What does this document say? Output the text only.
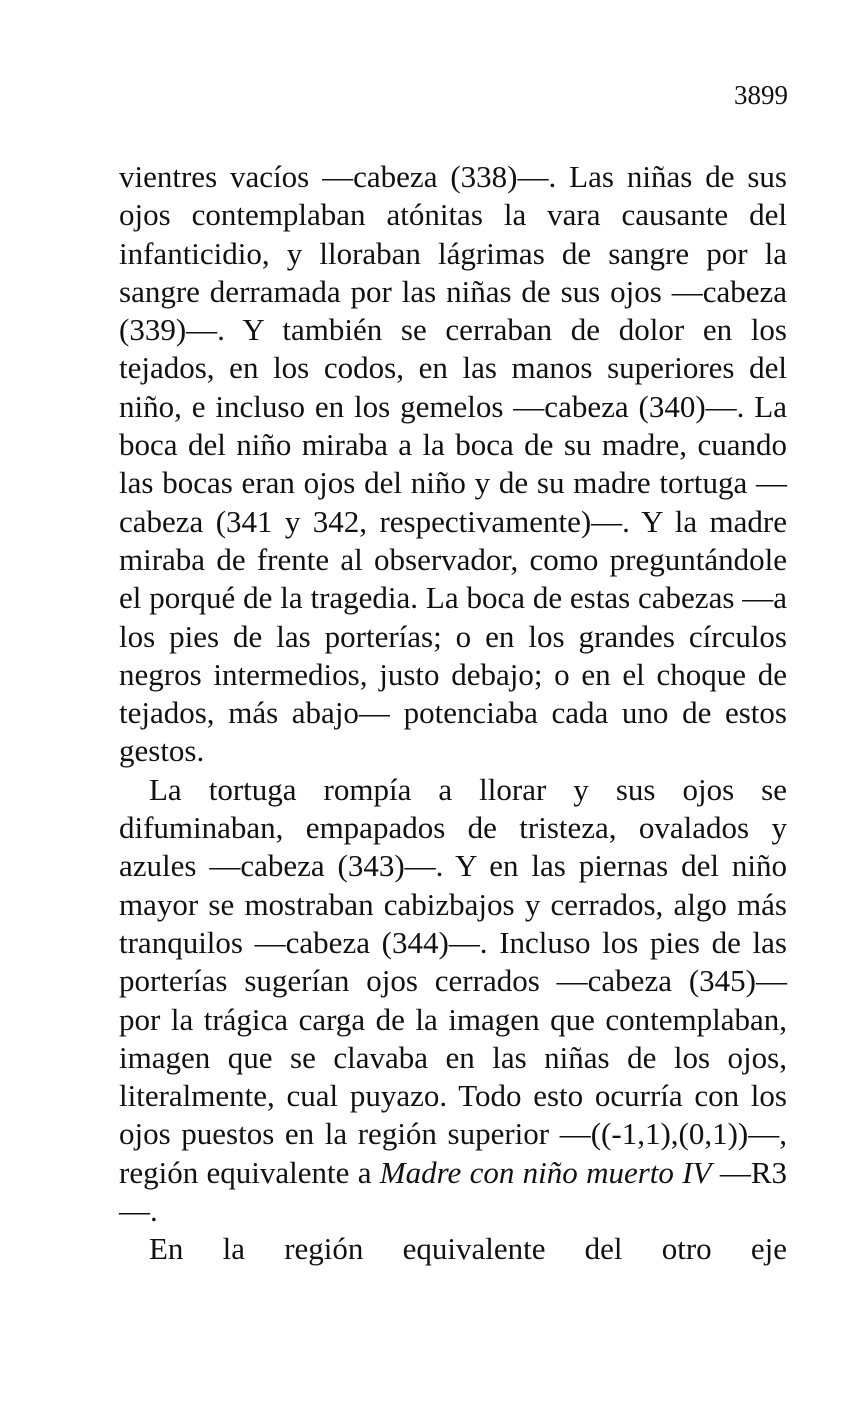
3899

vientres vacíos —cabeza (338)—. Las niñas de sus ojos contemplaban atónitas la vara causante del infanticidio, y lloraban lágrimas de sangre por la sangre derramada por las niñas de sus ojos —cabeza (339)—. Y también se cerraban de dolor en los tejados, en los codos, en las manos superiores del niño, e incluso en los gemelos —cabeza (340)—. La boca del niño miraba a la boca de su madre, cuando las bocas eran ojos del niño y de su madre tortuga —cabeza (341 y 342, respectivamente)—. Y la madre miraba de frente al observador, como preguntándole el porqué de la tragedia. La boca de estas cabezas —a los pies de las porterías; o en los grandes círculos negros intermedios, justo debajo; o en el choque de tejados, más abajo— potenciaba cada uno de estos gestos.

La tortuga rompía a llorar y sus ojos se difuminaban, empapados de tristeza, ovalados y azules —cabeza (343)—. Y en las piernas del niño mayor se mostraban cabizbajos y cerrados, algo más tranquilos —cabeza (344)—. Incluso los pies de las porterías sugerían ojos cerrados —cabeza (345)— por la trágica carga de la imagen que contemplaban, imagen que se clavaba en las niñas de los ojos, literalmente, cual puyazo. Todo esto ocurría con los ojos puestos en la región superior —((-1,1),(0,1))—, región equivalente a Madre con niño muerto IV —R3—.
En la región equivalente del otro eje
